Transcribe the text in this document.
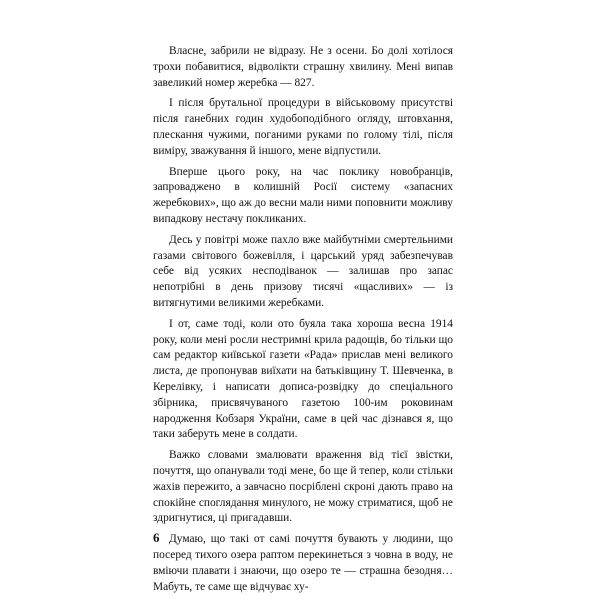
Власне, забрили не відразу. Не з осени. Бо долі хотілося трохи побавитися, відволікти страшну хвилину. Мені випав завеликий номер жеребка — 827.

І після брутальної процедури в військовому присутстві після ганебних годин худобоподібного огляду, штовхання, плескання чужими, поганими руками по голому тілі, після виміру, зважування й іншого, мене відпустили.

Вперше цього року, на час поклику новобранців, запроваджено в колишній Росії систему «запасних жеребкових», що аж до весни мали ними поповнити можливу випадкову нестачу покликаних.

Десь у повітрі може пахло вже майбутніми смертельними газами світового божевілля, і царський уряд забезпечував себе від усяких несподіванок — залишав про запас непотрібні в день призову тисячі «щасливих» — із витягнутими великими жеребками.

І от, саме тоді, коли ото буяла така хороша весна 1914 року, коли мені росли нестримні крила радощів, бо тільки що сам редактор київської газети «Рада» прислав мені великого листа, де пропонував виїхати на батьківщину Т. Шевченка, в Керелівку, і написати дописа-розвідку до спеціального збірника, присвячуваного газетою 100-им роковинам народження Кобзаря України, саме в цей час дізнався я, що таки заберуть мене в солдати.

Важко словами змалювати враження від тієї звістки, почуття, що опанували тоді мене, бо ще й тепер, коли стільки жахів пережито, а завчасно посріблені скроні дають право на спокійне споглядання минулого, не можу стриматися, щоб не здригнутися, ці пригадавши.

Думаю, що такі от самі почуття бувають у людини, що посеред тихого озера раптом перекинеться з човна в воду, не вміючи плавати і знаючи, що озеро те — страшна безодня… Мабуть, те саме ще відчуває ху-

6
